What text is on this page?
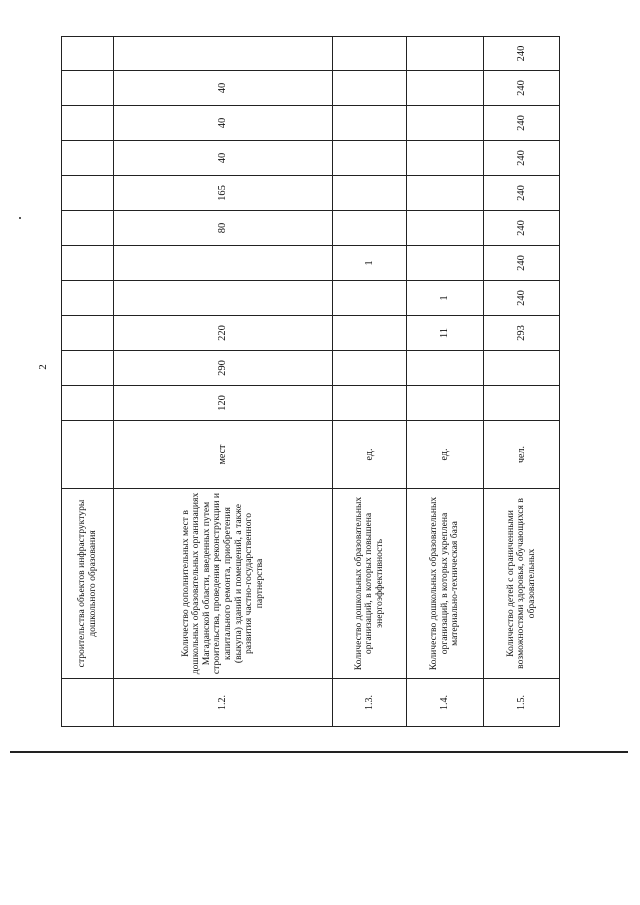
2
	строительства объектов инфраструктуры дошкольного образования												
1.2.	Количество дополнительных мест в дошкольных образовательных организациях Магаданской области, введенных путем строительства, проведения реконструкции и капитального ремонта, приобретения (выкупа) зданий и помещений, а также развития частно-государственного партнерства	мест	120	290	220			80	165	40	40	40	
1.3.	Количество дошкольных образовательных организаций, в которых повышена энергоэффективность	ед.					1						
1.4.	Количество дошкольных образовательных организаций, в которых укреплена материально-техническая база	ед.			11	1							
1.5.	Количество детей с ограниченными возможностями здоровья, обучающихся в образовательных	чел.			293	240	240	240	240	240	240	240	240
